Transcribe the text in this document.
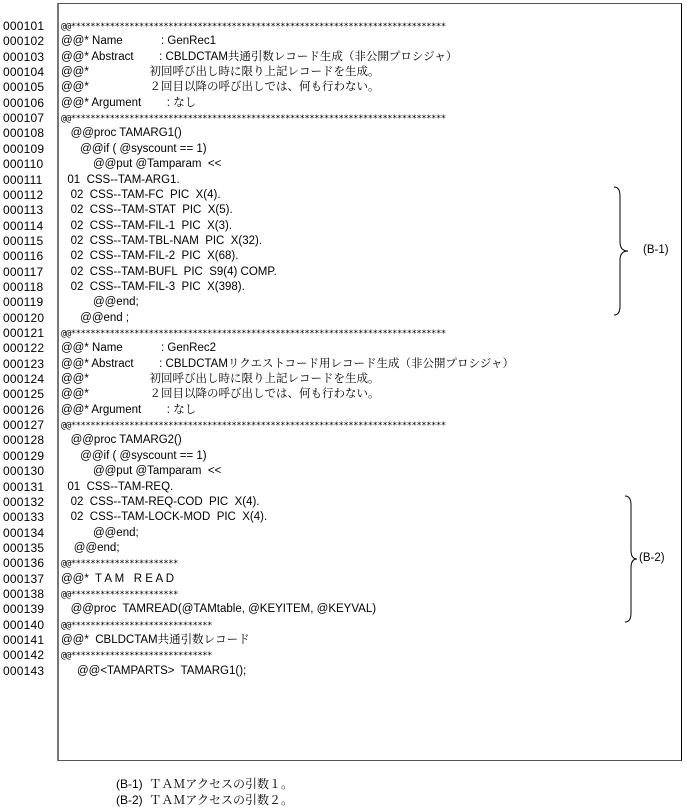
000101	@@*****************************************************************************
000102	@@* Name            : GenRec1
000103	@@* Abstract        : CBLDCTAM共通引数レコード生成（非公開プロシジャ）
000104	@@*                   初回呼び出し時に限り上記レコードを生成。
000105	@@*                   ２回目以降の呼び出しでは、何も行わない。
000106	@@* Argument        : なし
000107	@@*****************************************************************************
000108	@@proc TAMARG1()
000109	@@if ( @syscount == 1)
000110	@@put @Tamparam  <<
000111	01  CSS--TAM-ARG1.
000112	02  CSS--TAM-FC  PIC  X(4).
000113	02  CSS--TAM-STAT  PIC  X(5).
000114	02  CSS--TAM-FIL-1  PIC  X(3).
000115	02  CSS--TAM-TBL-NAM  PIC  X(32).
000116	02  CSS--TAM-FIL-2  PIC  X(68).
000117	02  CSS--TAM-BUFL  PIC  S9(4) COMP.
000118	02  CSS--TAM-FIL-3  PIC  X(398).
000119	@@end;
000120	@@end ;
000121	@@*****************************************************************************
000122	@@* Name            : GenRec2
000123	@@* Abstract        : CBLDCTAMリクエストコード用レコード生成（非公開プロシジャ）
000124	@@*                   初回呼び出し時に限り上記レコードを生成。
000125	@@*                   ２回目以降の呼び出しでは、何も行わない。
000126	@@* Argument        : なし
000127	@@*****************************************************************************
000128	@@proc TAMARG2()
000129	@@if ( @syscount == 1)
000130	@@put @Tamparam  <<
000131	01  CSS--TAM-REQ.
000132	02  CSS--TAM-REQ-COD  PIC  X(4).
000133	02  CSS--TAM-LOCK-MOD  PIC  X(4).
000134	@@end;
000135	@@end;
000136	@@**********************
000137	@@*  T A M   R E A D
000138	@@**********************
000139	@@proc  TAMREAD(@TAMtable, @KEYITEM, @KEYVAL)
000140	@@*****************************
000141	@@*  CBLDCTAM共通引数レコード
000142	@@*****************************
000143	@@<TAMPARTS>  TAMARG1();
(B-1)
(B-2)
(B-1)  ＴＡＭアクセスの引数１。
(B-2)  ＴＡＭアクセスの引数２。
